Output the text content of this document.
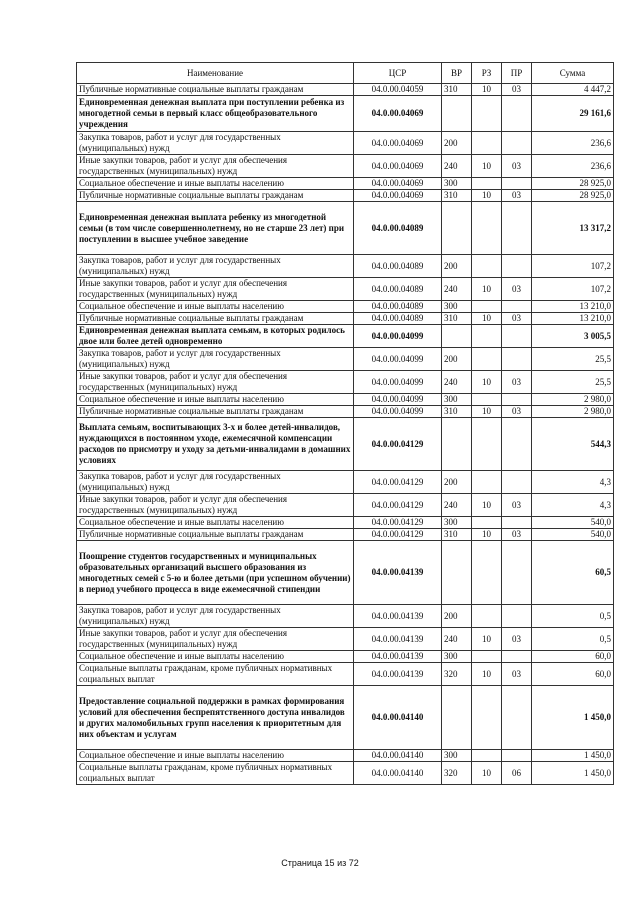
Наименование	ЦСР	ВР	РЗ	ПР	Сумма
Публичные нормативные социальные выплаты гражданам	04.0.00.04059	310	10	03	4 447,2
Единовременная денежная выплата при поступлении ребенка из многодетной семьи в первый класс общеобразовательного учреждения	04.0.00.04069				29 161,6
Закупка товаров, работ и услуг для государственных (муниципальных) нужд	04.0.00.04069	200			236,6
Иные закупки товаров, работ и услуг для обеспечения государственных (муниципальных) нужд	04.0.00.04069	240	10	03	236,6
Социальное обеспечение и иные выплаты населению	04.0.00.04069	300			28 925,0
Публичные нормативные социальные выплаты гражданам	04.0.00.04069	310	10	03	28 925,0
Единовременная денежная выплата ребенку из многодетной семьи (в том числе совершеннолетнему, но не старше 23 лет) при поступлении в высшее учебное заведение	04.0.00.04089				13 317,2
Закупка товаров, работ и услуг для государственных (муниципальных) нужд	04.0.00.04089	200			107,2
Иные закупки товаров, работ и услуг для обеспечения государственных (муниципальных) нужд	04.0.00.04089	240	10	03	107,2
Социальное обеспечение и иные выплаты населению	04.0.00.04089	300			13 210,0
Публичные нормативные социальные выплаты гражданам	04.0.00.04089	310	10	03	13 210,0
Единовременная денежная выплата семьям, в которых родилось двое или более детей одновременно	04.0.00.04099				3 005,5
Закупка товаров, работ и услуг для государственных (муниципальных) нужд	04.0.00.04099	200			25,5
Иные закупки товаров, работ и услуг для обеспечения государственных (муниципальных) нужд	04.0.00.04099	240	10	03	25,5
Социальное обеспечение и иные выплаты населению	04.0.00.04099	300			2 980,0
Публичные нормативные социальные выплаты гражданам	04.0.00.04099	310	10	03	2 980,0
Выплата семьям, воспитывающих 3-х и более детей-инвалидов, нуждающихся в постоянном уходе, ежемесячной компенсации расходов по присмотру и уходу за детьми-инвалидами в домашних условиях	04.0.00.04129				544,3
Закупка товаров, работ и услуг для государственных (муниципальных) нужд	04.0.00.04129	200			4,3
Иные закупки товаров, работ и услуг для обеспечения государственных (муниципальных) нужд	04.0.00.04129	240	10	03	4,3
Социальное обеспечение и иные выплаты населению	04.0.00.04129	300			540,0
Публичные нормативные социальные выплаты гражданам	04.0.00.04129	310	10	03	540,0
Поощрение студентов государственных и муниципальных образовательных организаций высшего образования из многодетных семей с 5-ю и более детьми (при успешном обучении) в период учебного процесса в виде ежемесячной стипендии	04.0.00.04139				60,5
Закупка товаров, работ и услуг для государственных (муниципальных) нужд	04.0.00.04139	200			0,5
Иные закупки товаров, работ и услуг для обеспечения государственных (муниципальных) нужд	04.0.00.04139	240	10	03	0,5
Социальное обеспечение и иные выплаты населению	04.0.00.04139	300			60,0
Социальные выплаты гражданам, кроме публичных нормативных социальных выплат	04.0.00.04139	320	10	03	60,0
Предоставление социальной поддержки в рамках формирования условий для обеспечения беспрепятственного доступа инвалидов и других маломобильных групп населения к приоритетным для них объектам и услугам	04.0.00.04140				1 450,0
Социальное обеспечение и иные выплаты населению	04.0.00.04140	300			1 450,0
Социальные выплаты гражданам, кроме публичных нормативных социальных выплат	04.0.00.04140	320	10	06	1 450,0
Страница 15 из 72
